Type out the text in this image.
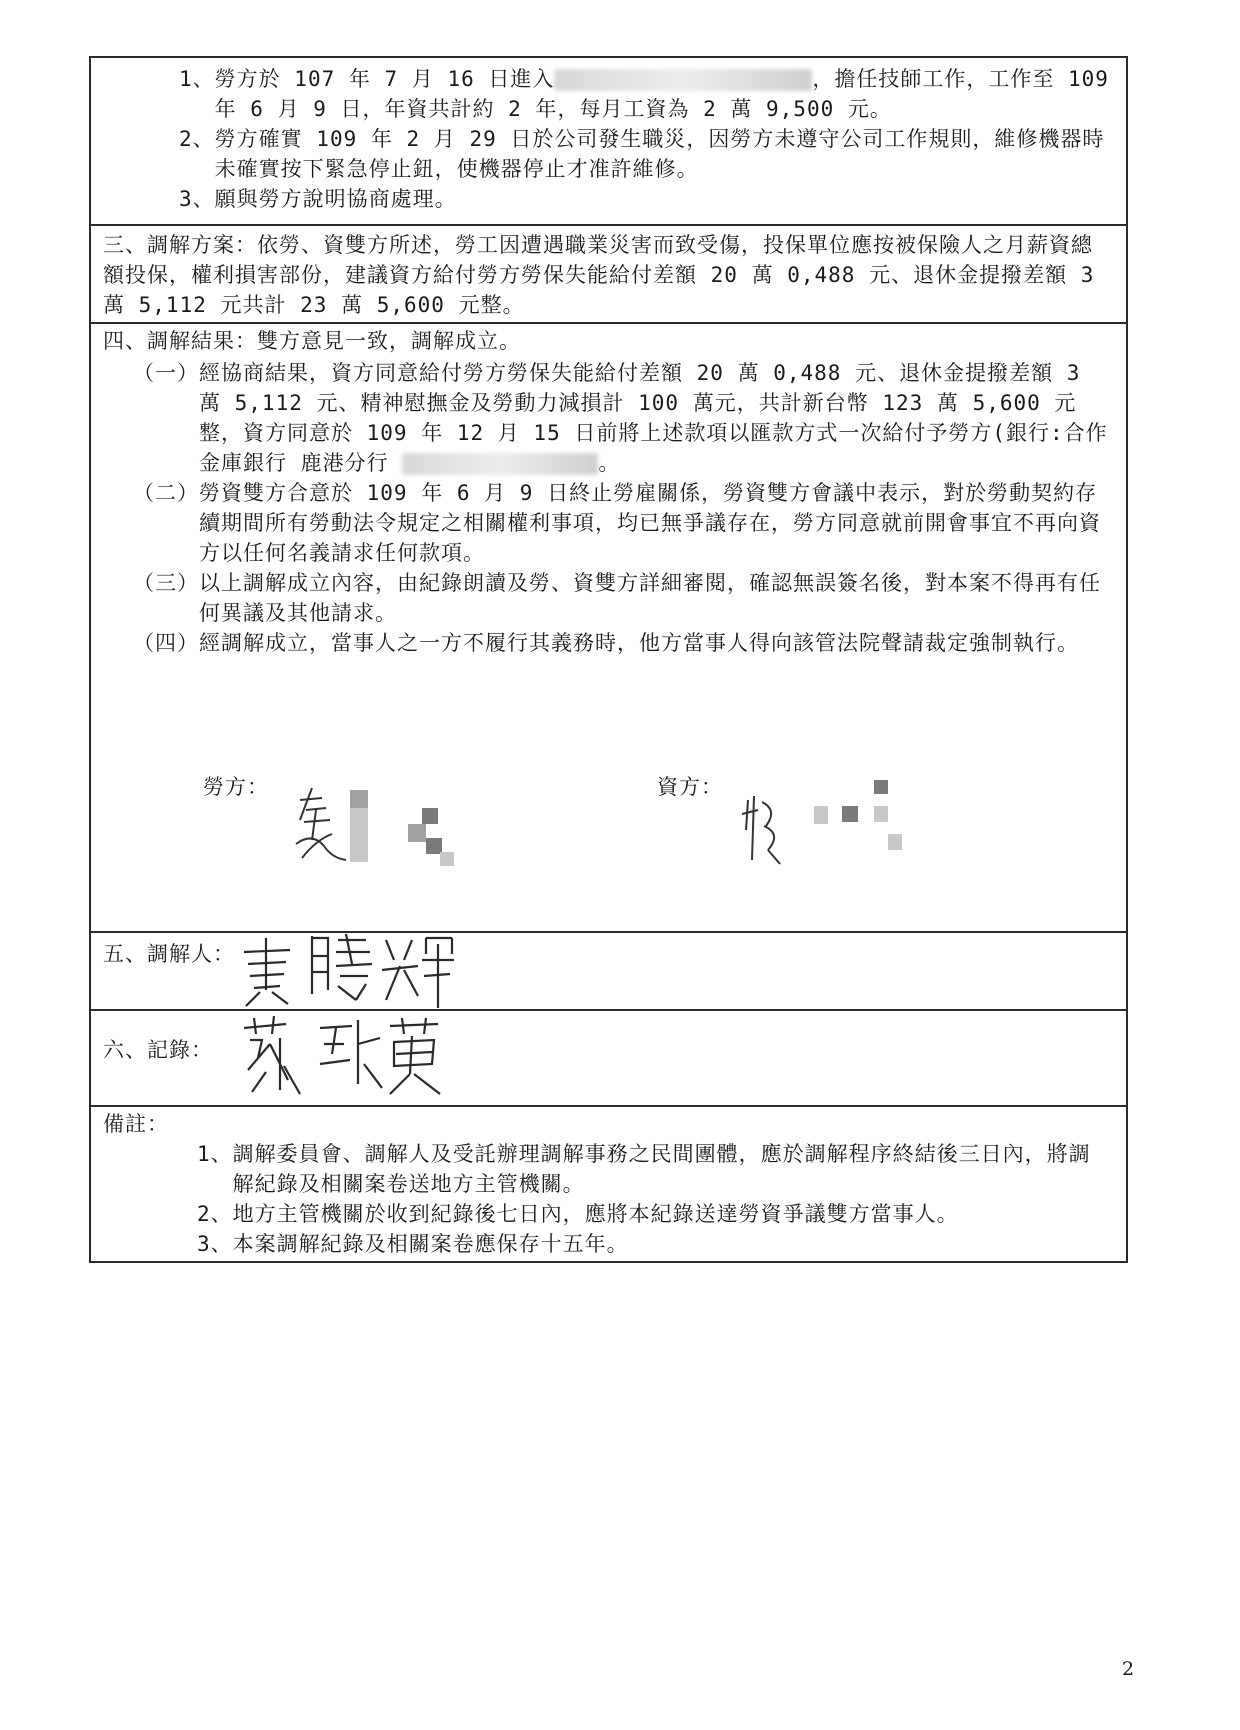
1、 勞方於 107 年 7 月 16 日進入	，擔任技師工作，工作至 109 年 6 月 9 日，年資共計約 2 年，每月工資為 2 萬 9,500 元。
2、 勞方確實 109 年 2 月 29 日於公司發生職災，因勞方未遵守公司工作規則，維修機器時未確實按下緊急停止鈕，使機器停止才准許維修。
3、 願與勞方說明協商處理。

三、調解方案：依勞、資雙方所述，勞工因遭遇職業災害而致受傷，投保單位應按被保險人之月薪資總額投保，權利損害部份，建議資方給付勞方勞保失能給付差額 20 萬 0,488 元、退休金提撥差額 3 萬 5,112 元共計 23 萬 5,600 元整。

四、調解結果：雙方意見一致，調解成立。
（一） 經協商結果，資方同意給付勞方勞保失能給付差額 20 萬 0,488 元、退休金提撥差額 3 萬 5,112 元、精神慰撫金及勞動力減損計 100 萬元，共計新台幣 123 萬 5,600 元整，資方同意於 109 年 12 月 15 日前將上述款項以匯款方式一次給付予勞方(銀行:合作金庫銀行 鹿港分行	。
（二） 勞資雙方合意於 109 年 6 月 9 日終止勞雇關係，勞資雙方會議中表示，對於勞動契約存續期間所有勞動法令規定之相關權利事項，均已無爭議存在，勞方同意就前開會事宜不再向資方以任何名義請求任何款項。
（三） 以上調解成立內容，由紀錄朗讀及勞、資雙方詳細審閱，確認無誤簽名後，對本案不得再有任何異議及其他請求。
（四） 經調解成立，當事人之一方不履行其義務時，他方當事人得向該管法院聲請裁定強制執行。
勞方：	資方：

五、調解人：

六、記錄：

備註：
1、 調解委員會、調解人及受託辦理調解事務之民間團體，應於調解程序終結後三日內，將調解紀錄及相關案卷送地方主管機關。
2、 地方主管機關於收到紀錄後七日內，應將本紀錄送達勞資爭議雙方當事人。
3、 本案調解紀錄及相關案卷應保存十五年。
2
